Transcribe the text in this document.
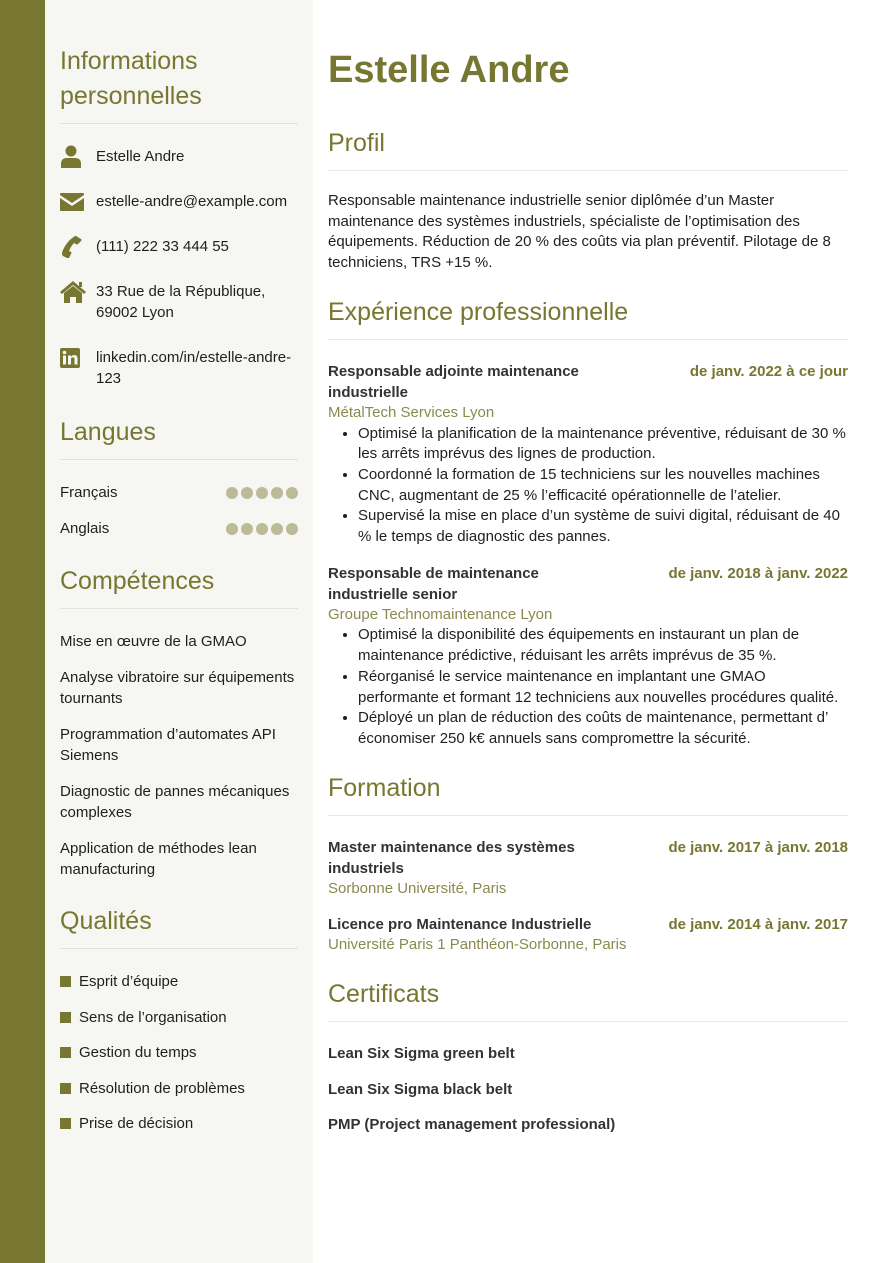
Informations personnelles
Estelle Andre
estelle-andre@example.com
(111) 222 33 444 55
33 Rue de la République, 69002 Lyon
linkedin.com/in/estelle-andre-123
Langues
Français
Anglais
Compétences
Mise en œuvre de la GMAO
Analyse vibratoire sur équipements tournants
Programmation d’automates API Siemens
Diagnostic de pannes mécaniques complexes
Application de méthodes lean manufacturing
Qualités
Esprit d’équipe
Sens de l’organisation
Gestion du temps
Résolution de problèmes
Prise de décision
Estelle Andre
Profil

Responsable maintenance industrielle senior diplômée d’un Master maintenance des systèmes industriels, spécialiste de l’optimisation des équipements. Réduction de 20 % des coûts via plan préventif. Pilotage de 8 techniciens, TRS +15 %.

Expérience professionnelle
Responsable adjointe maintenance industrielle
de janv. 2022 à ce jour
MétalTech Services Lyon
• Optimisé la planification de la maintenance préventive, réduisant de 30 % les arrêts imprévus des lignes de production.
• Coordonné la formation de 15 techniciens sur les nouvelles machines CNC, augmentant de 25 % l’efficacité opérationnelle de l’atelier.
• Supervisé la mise en place d’un système de suivi digital, réduisant de 40 % le temps de diagnostic des pannes.
Responsable de maintenance industrielle senior
de janv. 2018 à janv. 2022
Groupe Technomaintenance Lyon
• Optimisé la disponibilité des équipements en instaurant un plan de maintenance prédictive, réduisant les arrêts imprévus de 35 %.
• Réorganisé le service maintenance en implantant une GMAO performante et formant 12 techniciens aux nouvelles procédures qualité.
• Déployé un plan de réduction des coûts de maintenance, permettant d’ économiser 250 k€ annuels sans compromettre la sécurité.
Formation
Master maintenance des systèmes industriels
de janv. 2017 à janv. 2018
Sorbonne Université, Paris
Licence pro Maintenance Industrielle	de janv. 2014 à janv. 2017
Université Paris 1 Panthéon-Sorbonne, Paris
Certificats
Lean Six Sigma green belt
Lean Six Sigma black belt
PMP (Project management professional)
